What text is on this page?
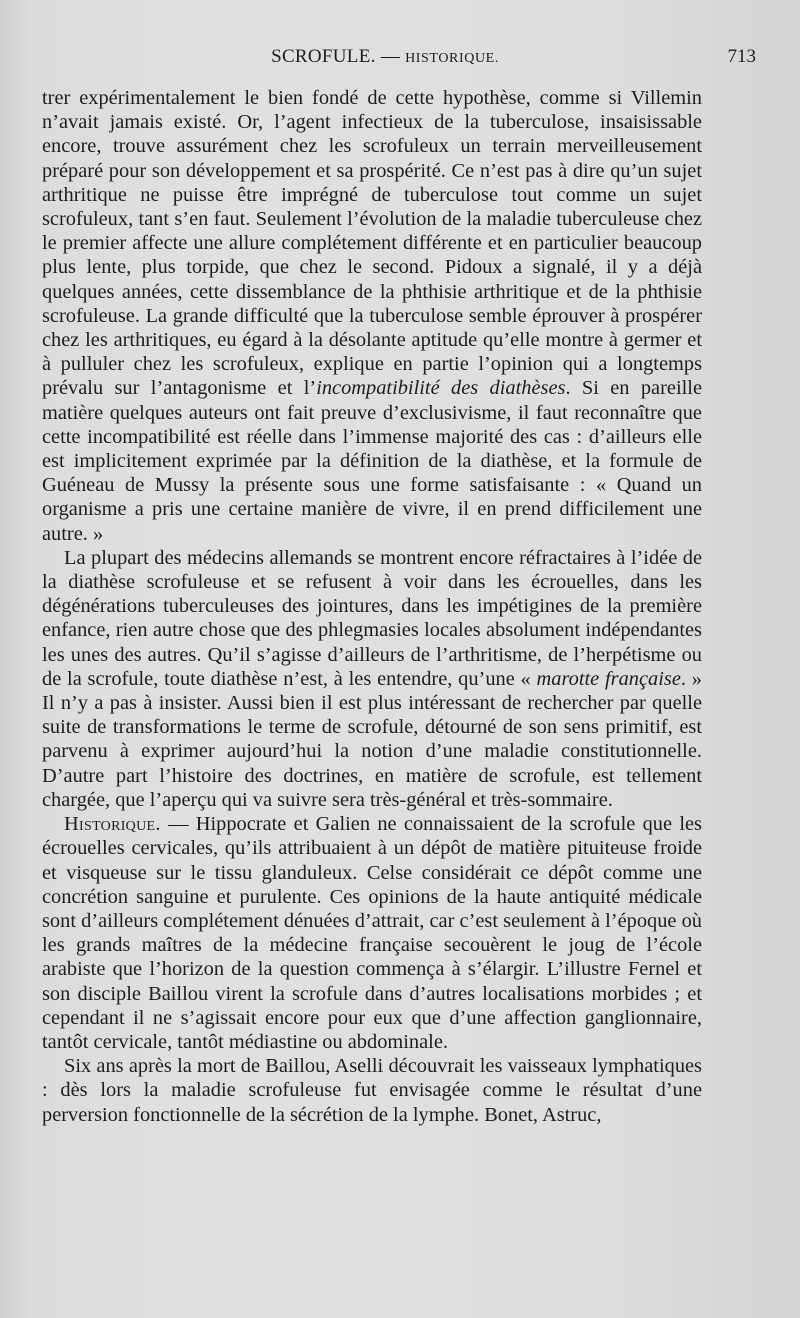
SCROFULE. — HISTORIQUE.	713

trer expérimentalement le bien fondé de cette hypothèse, comme si Villemin n’avait jamais existé. Or, l’agent infectieux de la tuberculose, insaisissable encore, trouve assurément chez les scrofuleux un terrain merveilleusement préparé pour son développement et sa prospérité. Ce n’est pas à dire qu’un sujet arthritique ne puisse être imprégné de tuberculose tout comme un sujet scrofuleux, tant s’en faut. Seulement l’évolution de la maladie tuberculeuse chez le premier affecte une allure complétement différente et en particulier beaucoup plus lente, plus torpide, que chez le second. Pidoux a signalé, il y a déjà quelques années, cette dissemblance de la phthisie arthritique et de la phthisie scrofuleuse. La grande difficulté que la tuberculose semble éprouver à prospérer chez les arthritiques, eu égard à la désolante aptitude qu’elle montre à germer et à pulluler chez les scrofuleux, explique en partie l’opinion qui a longtemps prévalu sur l’antagonisme et l’incompatibilité des diathèses. Si en pareille matière quelques auteurs ont fait preuve d’exclusivisme, il faut reconnaître que cette incompatibilité est réelle dans l’immense majorité des cas : d’ailleurs elle est implicitement exprimée par la définition de la diathèse, et la formule de Guéneau de Mussy la présente sous une forme satisfaisante : « Quand un organisme a pris une certaine manière de vivre, il en prend difficilement une autre. »

La plupart des médecins allemands se montrent encore réfractaires à l’idée de la diathèse scrofuleuse et se refusent à voir dans les écrouelles, dans les dégénérations tuberculeuses des jointures, dans les impétigines de la première enfance, rien autre chose que des phlegmasies locales absolument indépendantes les unes des autres. Qu’il s’agisse d’ailleurs de l’arthritisme, de l’herpétisme ou de la scrofule, toute diathèse n’est, à les entendre, qu’une « marotte française. » Il n’y a pas à insister. Aussi bien il est plus intéressant de rechercher par quelle suite de transformations le terme de scrofule, détourné de son sens primitif, est parvenu à exprimer aujourd’hui la notion d’une maladie constitutionnelle. D’autre part l’histoire des doctrines, en matière de scrofule, est tellement chargée, que l’aperçu qui va suivre sera très-général et très-sommaire.

Historique. — Hippocrate et Galien ne connaissaient de la scrofule que les écrouelles cervicales, qu’ils attribuaient à un dépôt de matière pituiteuse froide et visqueuse sur le tissu glanduleux. Celse considérait ce dépôt comme une concrétion sanguine et purulente. Ces opinions de la haute antiquité médicale sont d’ailleurs complétement dénuées d’attrait, car c’est seulement à l’époque où les grands maîtres de la médecine française secouèrent le joug de l’école arabiste que l’horizon de la question commença à s’élargir. L’illustre Fernel et son disciple Baillou virent la scrofule dans d’autres localisations morbides ; et cependant il ne s’agissait encore pour eux que d’une affection ganglionnaire, tantôt cervicale, tantôt médiastine ou abdominale.

Six ans après la mort de Baillou, Aselli découvrait les vaisseaux lymphatiques : dès lors la maladie scrofuleuse fut envisagée comme le résultat d’une perversion fonctionnelle de la sécrétion de la lymphe. Bonet, Astruc,
